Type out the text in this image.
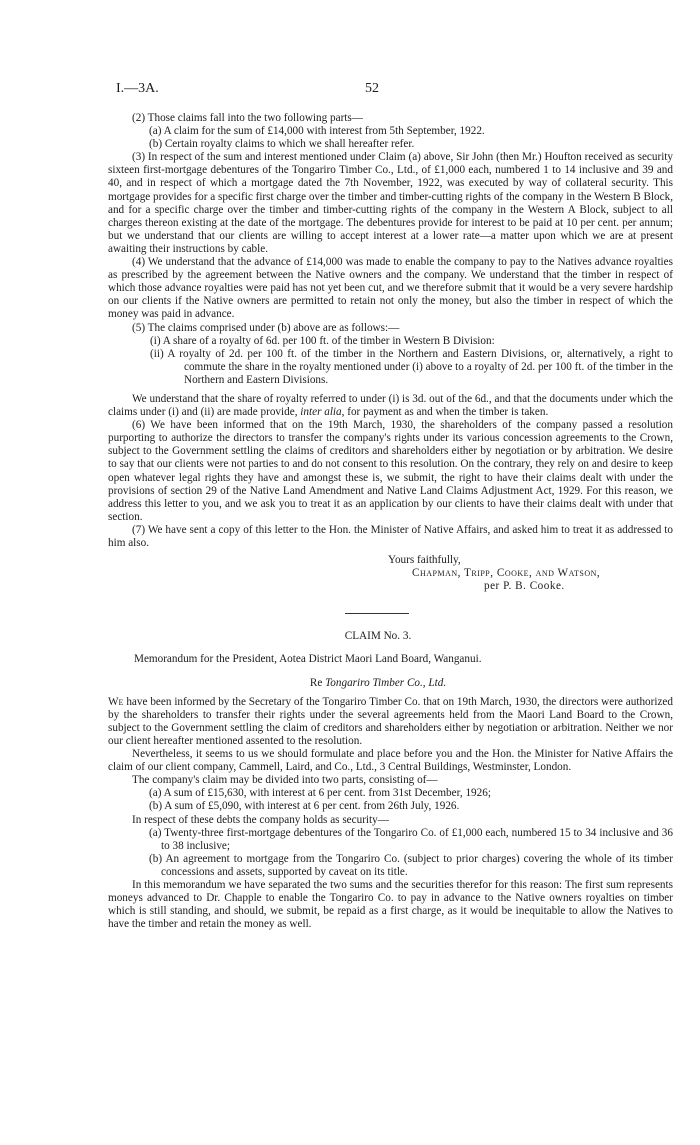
I.—3A.	52

(2) Those claims fall into the two following parts—

(a) A claim for the sum of £14,000 with interest from 5th September, 1922.

(b) Certain royalty claims to which we shall hereafter refer.

(3) In respect of the sum and interest mentioned under Claim (a) above, Sir John (then Mr.) Houfton received as security sixteen first-mortgage debentures of the Tongariro Timber Co., Ltd., of £1,000 each, numbered 1 to 14 inclusive and 39 and 40, and in respect of which a mortgage dated the 7th November, 1922, was executed by way of collateral security. This mortgage provides for a specific first charge over the timber and timber-cutting rights of the company in the Western B Block, and for a specific charge over the timber and timber-cutting rights of the company in the Western A Block, subject to all charges thereon existing at the date of the mortgage. The debentures provide for interest to be paid at 10 per cent. per annum; but we understand that our clients are willing to accept interest at a lower rate—a matter upon which we are at present awaiting their instructions by cable.

(4) We understand that the advance of £14,000 was made to enable the company to pay to the Natives advance royalties as prescribed by the agreement between the Native owners and the company. We understand that the timber in respect of which those advance royalties were paid has not yet been cut, and we therefore submit that it would be a very severe hardship on our clients if the Native owners are permitted to retain not only the money, but also the timber in respect of which the money was paid in advance.

(5) The claims comprised under (b) above are as follows:—

(i) A share of a royalty of 6d. per 100 ft. of the timber in Western B Division:

(ii) A royalty of 2d. per 100 ft. of the timber in the Northern and Eastern Divisions, or, alternatively, a right to commute the share in the royalty mentioned under (i) above to a royalty of 2d. per 100 ft. of the timber in the Northern and Eastern Divisions.

We understand that the share of royalty referred to under (i) is 3d. out of the 6d., and that the documents under which the claims under (i) and (ii) are made provide, inter alia, for payment as and when the timber is taken.

(6) We have been informed that on the 19th March, 1930, the shareholders of the company passed a resolution purporting to authorize the directors to transfer the company's rights under its various concession agreements to the Crown, subject to the Government settling the claims of creditors and shareholders either by negotiation or by arbitration. We desire to say that our clients were not parties to and do not consent to this resolution. On the contrary, they rely on and desire to keep open whatever legal rights they have and amongst these is, we submit, the right to have their claims dealt with under the provisions of section 29 of the Native Land Amendment and Native Land Claims Adjustment Act, 1929. For this reason, we address this letter to you, and we ask you to treat it as an application by our clients to have their claims dealt with under that section.

(7) We have sent a copy of this letter to the Hon. the Minister of Native Affairs, and asked him to treat it as addressed to him also.

Yours faithfully,

Chapman, Tripp, Cooke, and Watson,

per P. B. Cooke.

CLAIM No. 3.

Memorandum for the President, Aotea District Maori Land Board, Wanganui.

Re Tongariro Timber Co., Ltd.

We have been informed by the Secretary of the Tongariro Timber Co. that on 19th March, 1930, the directors were authorized by the shareholders to transfer their rights under the several agreements held from the Maori Land Board to the Crown, subject to the Government settling the claim of creditors and shareholders either by negotiation or arbitration. Neither we nor our client hereafter mentioned assented to the resolution.

Nevertheless, it seems to us we should formulate and place before you and the Hon. the Minister for Native Affairs the claim of our client company, Cammell, Laird, and Co., Ltd., 3 Central Buildings, Westminster, London.

The company's claim may be divided into two parts, consisting of—

(a) A sum of £15,630, with interest at 6 per cent. from 31st December, 1926;

(b) A sum of £5,090, with interest at 6 per cent. from 26th July, 1926.

In respect of these debts the company holds as security—

(a) Twenty-three first-mortgage debentures of the Tongariro Co. of £1,000 each, numbered 15 to 34 inclusive and 36 to 38 inclusive;

(b) An agreement to mortgage from the Tongariro Co. (subject to prior charges) covering the whole of its timber concessions and assets, supported by caveat on its title.

In this memorandum we have separated the two sums and the securities therefor for this reason: The first sum represents moneys advanced to Dr. Chapple to enable the Tongariro Co. to pay in advance to the Native owners royalties on timber which is still standing, and should, we submit, be repaid as a first charge, as it would be inequitable to allow the Natives to have the timber and retain the money as well.
